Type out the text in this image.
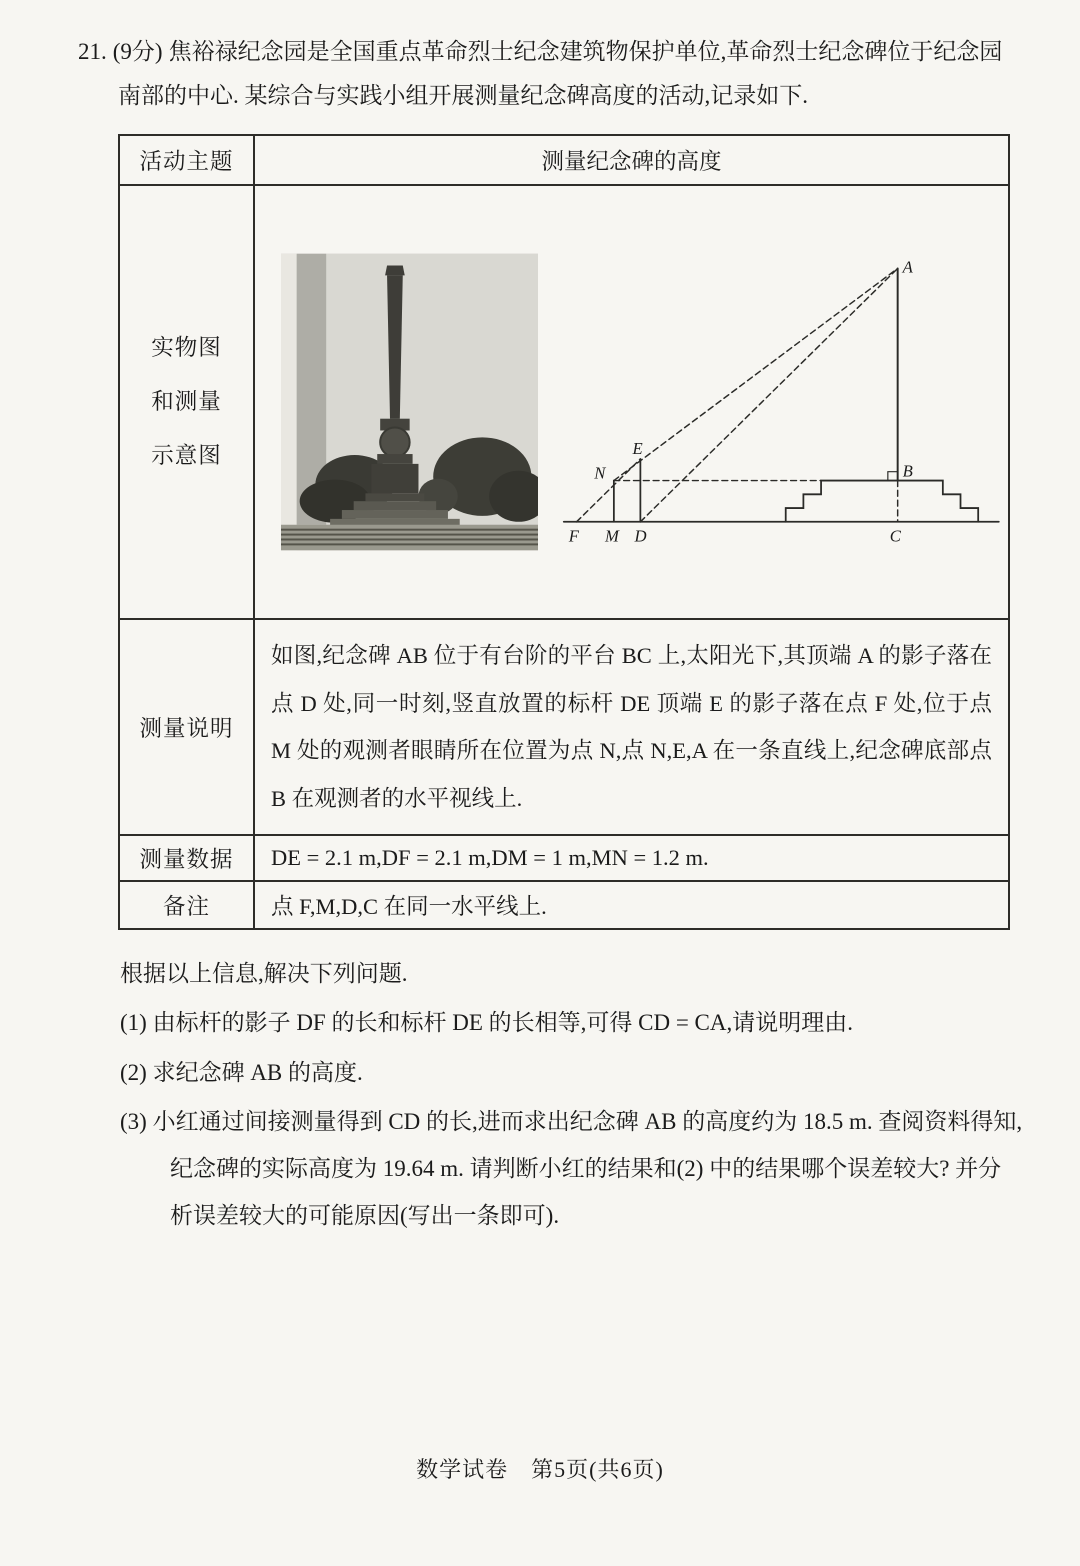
21. (9分) 焦裕禄纪念园是全国重点革命烈士纪念建筑物保护单位,革命烈士纪念碑位于纪念园南部的中心. 某综合与实践小组开展测量纪念碑高度的活动,记录如下.

活动主题	测量纪念碑的高度

实物图
和测量
示意图

A
B
C
D
E
F M
N

测量说明	如图,纪念碑 AB 位于有台阶的平台 BC 上,太阳光下,其顶端 A 的影子落在点 D 处,同一时刻,竖直放置的标杆 DE 顶端 E 的影子落在点 F 处,位于点 M 处的观测者眼睛所在位置为点 N,点 N,E,A 在一条直线上,纪念碑底部点 B 在观测者的水平视线上.
测量数据	DE = 2.1 m,DF = 2.1 m,DM = 1 m,MN = 1.2 m.
备注	点 F,M,D,C 在同一水平线上.

根据以上信息,解决下列问题.

(1) 由标杆的影子 DF 的长和标杆 DE 的长相等,可得 CD = CA,请说明理由.

(2) 求纪念碑 AB 的高度.

(3) 小红通过间接测量得到 CD 的长,进而求出纪念碑 AB 的高度约为 18.5 m. 查阅资料得知,纪念碑的实际高度为 19.64 m. 请判断小红的结果和(2) 中的结果哪个误差较大? 并分析误差较大的可能原因(写出一条即可).

数学试卷　第5页(共6页)
